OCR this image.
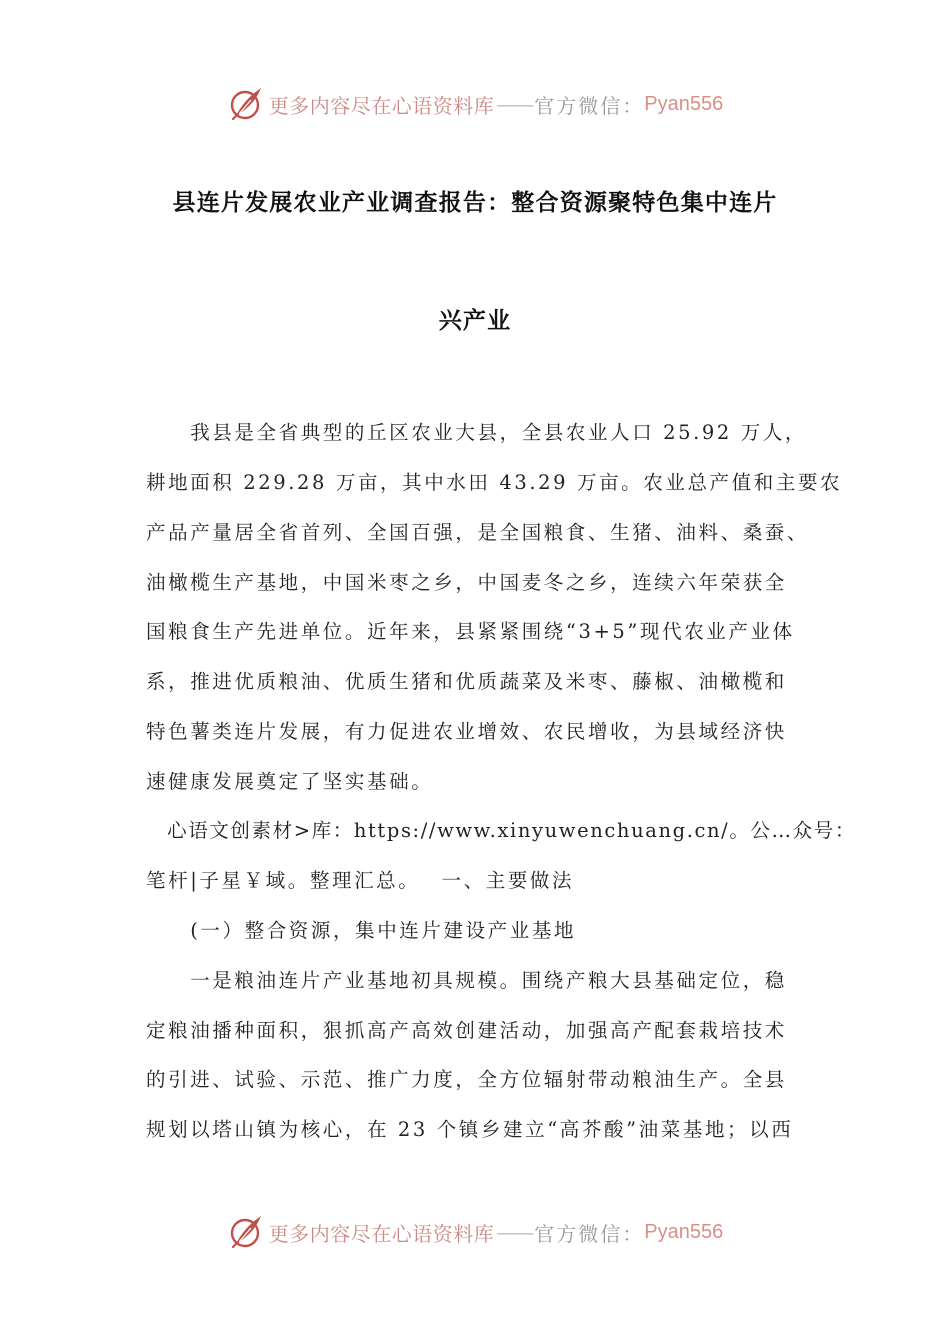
更多内容尽在心语资料库 —— 官方微信： Pyan556
县连片发展农业产业调查报告：整合资源聚特色集中连片
兴产业
　　我县是全省典型的丘区农业大县，全县农业人口 25.92 万人，
耕地面积 229.28 万亩，其中水田 43.29 万亩。农业总产值和主要农
产品产量居全省首列、全国百强，是全国粮食、生猪、油料、桑蚕、
油橄榄生产基地，中国米枣之乡，中国麦冬之乡，连续六年荣获全
国粮食生产先进单位。近年来，县紧紧围绕“3+5”现代农业产业体
系，推进优质粮油、优质生猪和优质蔬菜及米枣、藤椒、油橄榄和
特色薯类连片发展，有力促进农业增效、农民增收，为县域经济快
速健康发展奠定了坚实基础。
　心语文创素材>库：https://www.xinyuwenchuang.cn/。公…众号：
笔杆|子星￥域。整理汇总。　 一、主要做法
　　(一）整合资源，集中连片建设产业基地
　　一是粮油连片产业基地初具规模。围绕产粮大县基础定位，稳
定粮油播种面积，狠抓高产高效创建活动，加强高产配套栽培技术
的引进、试验、示范、推广力度，全方位辐射带动粮油生产。全县
规划以塔山镇为核心，在 23 个镇乡建立“高芥酸”油菜基地；以西
更多内容尽在心语资料库 —— 官方微信： Pyan556
